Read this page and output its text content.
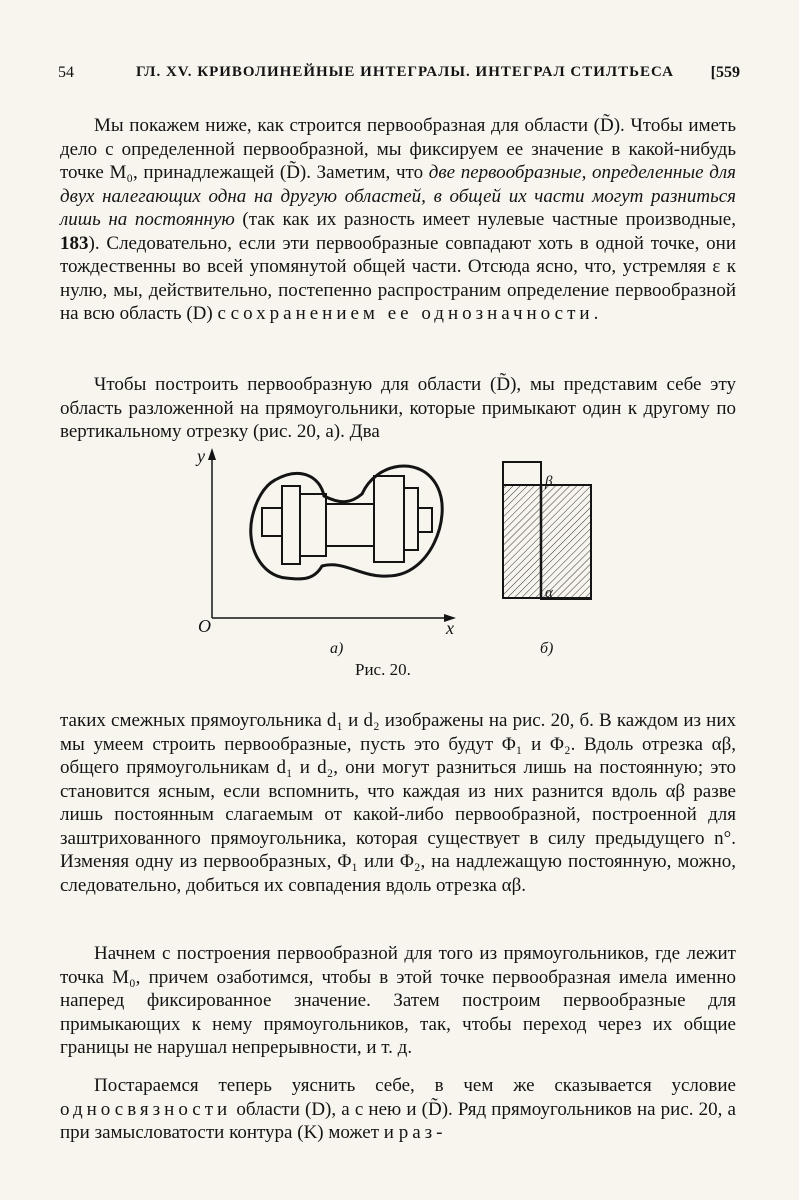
54	ГЛ. XV. КРИВОЛИНЕЙНЫЕ ИНТЕГРАЛЫ. ИНТЕГРАЛ СТИЛТЬЕСА [559

Мы покажем ниже, как строится первообразная для области (D̃). Чтобы иметь дело с определенной первообразной, мы фиксируем ее значение в какой-нибудь точке M₀, принадлежащей (D̃). Заметим, что две первообразные, определенные для двух налегающих одна на другую областей, в общей их части могут разниться лишь на постоянную (так как их разность имеет нулевые частные производные, 183). Следовательно, если эти первообразные совпадают хоть в одной точке, они тождественны во всей упомянутой общей части. Отсюда ясно, что, устремляя ε к нулю, мы, действительно, постепенно распространим определение первообразной на всю область (D) с сохранением ее однозначности.

Чтобы построить первообразную для области (D̃), мы представим себе эту область разложенной на прямоугольники, которые примыкают один к другому по вертикальному отрезку (рис. 20, а). Два

y
O	x
β
α
а)	б)
Рис. 20.

таких смежных прямоугольника d₁ и d₂ изображены на рис. 20, б. В каждом из них мы умеем строить первообразные, пусть это будут Φ₁ и Φ₂. Вдоль отрезка αβ, общего прямоугольникам d₁ и d₂, они могут разниться лишь на постоянную; это становится ясным, если вспомнить, что каждая из них разнится вдоль αβ разве лишь постоянным слагаемым от какой-либо первообразной, построенной для заштрихованного прямоугольника, которая существует в силу предыдущего n°. Изменяя одну из первообразных, Φ₁ или Φ₂, на надлежащую постоянную, можно, следовательно, добиться их совпадения вдоль отрезка αβ.

Начнем с построения первообразной для того из прямоугольников, где лежит точка M₀, причем озаботимся, чтобы в этой точке первообразная имела именно наперед фиксированное значение. Затем построим первообразные для примыкающих к нему прямоугольников, так, чтобы переход через их общие границы не нарушал непрерывности, и т. д.

Постараемся теперь уяснить себе, в чем же сказывается условие односвязности области (D), а с нею и (D̃). Ряд прямоугольников на рис. 20, а при замысловатости контура (K) может и раз-
